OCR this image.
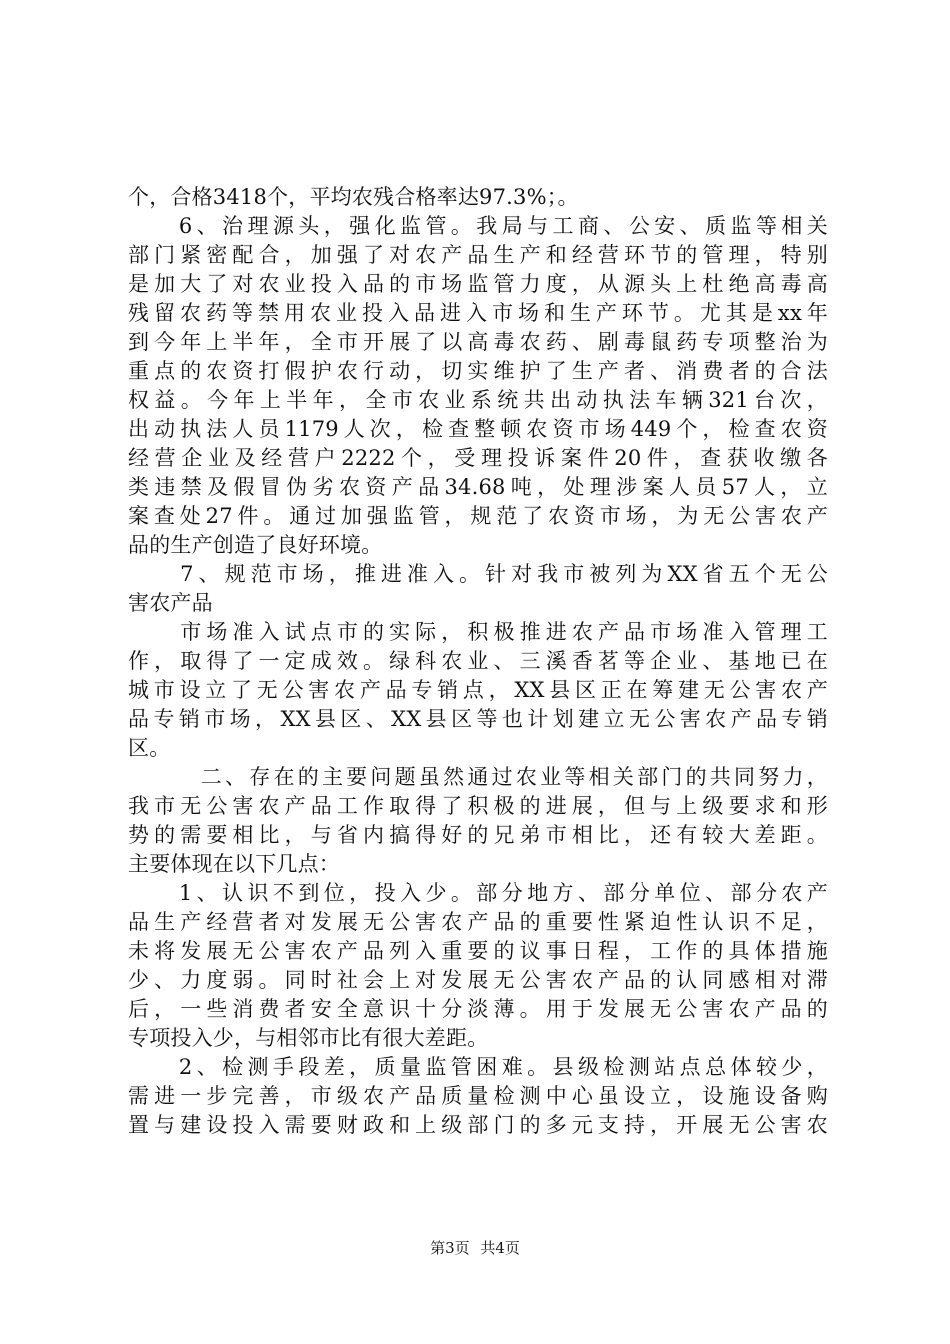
个，合格3418个，平均农残合格率达97.3%；。
　　6、治理源头，强化监管。我局与工商、公安、质监等相关
部门紧密配合，加强了对农产品生产和经营环节的管理，特别
是加大了对农业投入品的市场监管力度，从源头上杜绝高毒高
残留农药等禁用农业投入品进入市场和生产环节。尤其是xx年
到今年上半年，全市开展了以高毒农药、剧毒鼠药专项整治为
重点的农资打假护农行动，切实维护了生产者、消费者的合法
权益。今年上半年，全市农业系统共出动执法车辆321台次，
出动执法人员1179人次，检查整顿农资市场449个，检查农资
经营企业及经营户2222个，受理投诉案件20件，查获收缴各
类违禁及假冒伪劣农资产品34.68吨，处理涉案人员57人，立
案查处27件。通过加强监管，规范了农资市场，为无公害农产
品的生产创造了良好环境。
　　7、规范市场，推进准入。针对我市被列为XX省五个无公
害农产品
　　市场准入试点市的实际，积极推进农产品市场准入管理工
作，取得了一定成效。绿科农业、三溪香茗等企业、基地已在
城市设立了无公害农产品专销点，XX县区正在筹建无公害农产
品专销市场，XX县区、XX县区等也计划建立无公害农产品专销
区。
　　　二、存在的主要问题虽然通过农业等相关部门的共同努力，
我市无公害农产品工作取得了积极的进展，但与上级要求和形
势的需要相比，与省内搞得好的兄弟市相比，还有较大差距。
主要体现在以下几点：
　　1、认识不到位，投入少。部分地方、部分单位、部分农产
品生产经营者对发展无公害农产品的重要性紧迫性认识不足，
未将发展无公害农产品列入重要的议事日程，工作的具体措施
少、力度弱。同时社会上对发展无公害农产品的认同感相对滞
后，一些消费者安全意识十分淡薄。用于发展无公害农产品的
专项投入少，与相邻市比有很大差距。
　　2、检测手段差，质量监管困难。县级检测站点总体较少，
需进一步完善，市级农产品质量检测中心虽设立，设施设备购
置与建设投入需要财政和上级部门的多元支持，开展无公害农
第3页 共4页
